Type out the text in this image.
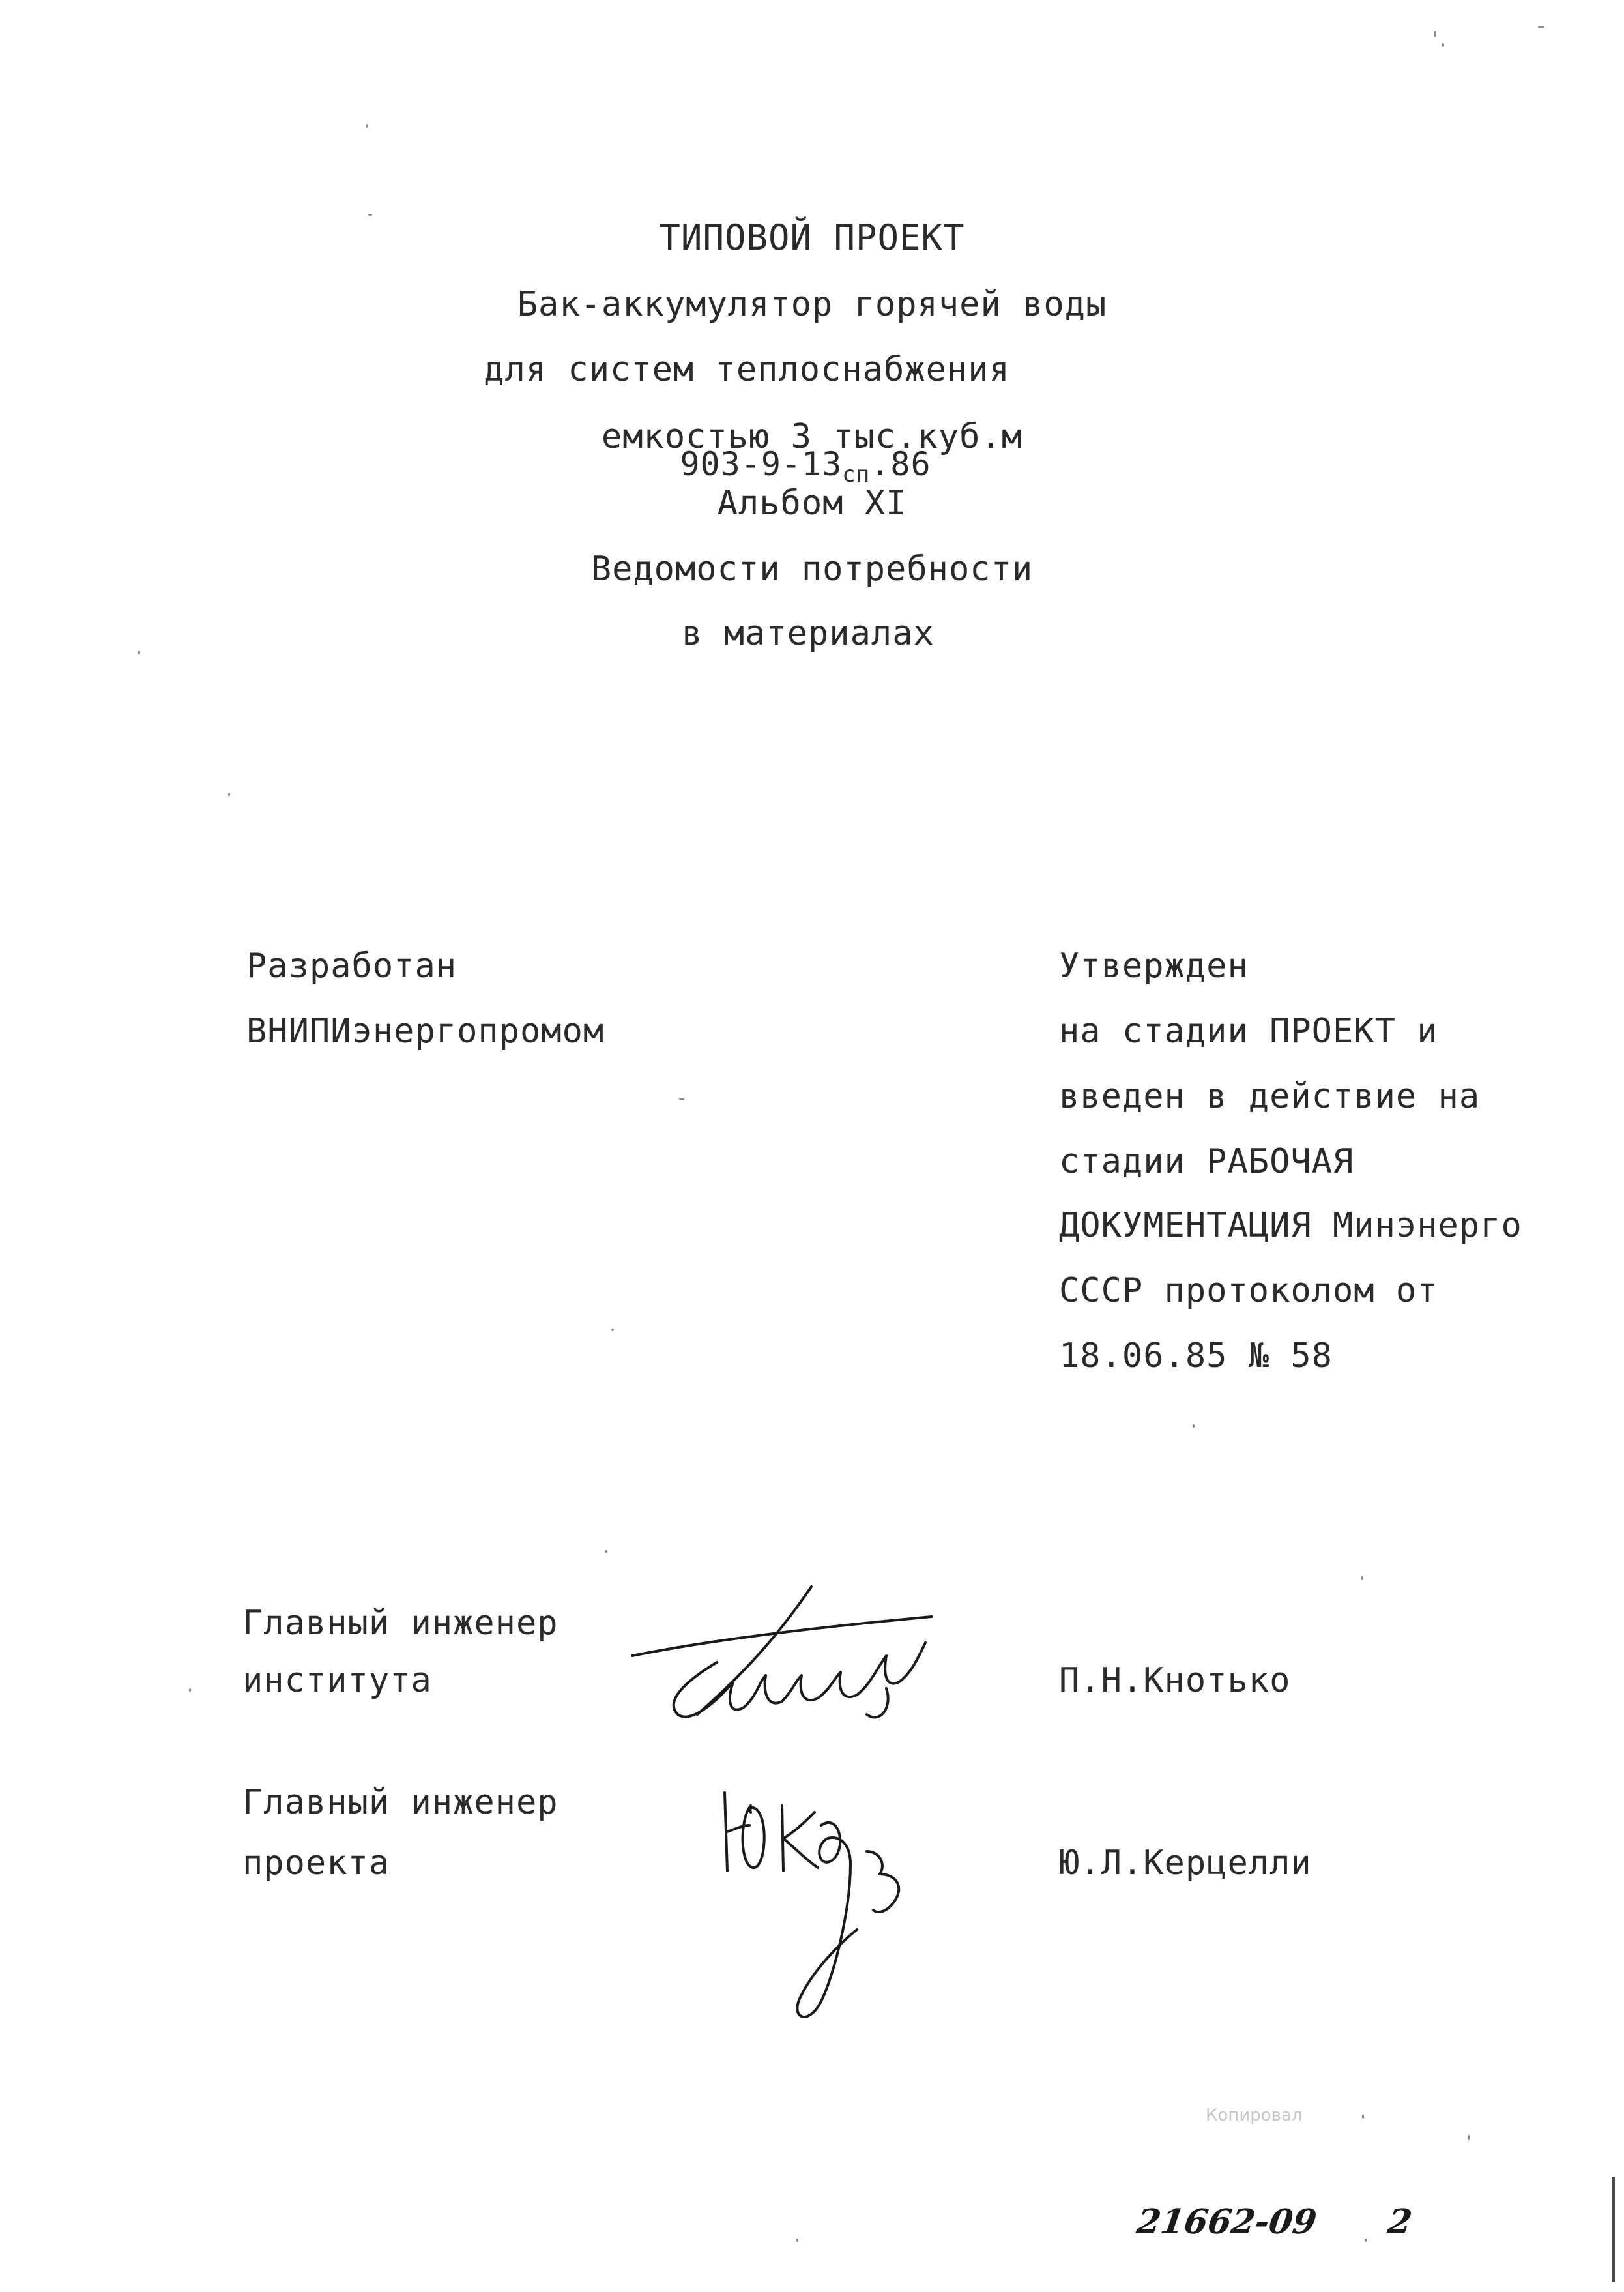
ТИПОВОЙ ПРОЕКТ
Бак-аккумулятор горячей воды
для систем теплоснабжения
емкостью 3 тыс.куб.м
$903-9-13_{сп}.86$
Альбом XI
Ведомости потребности
в материалах
Разработан
ВНИПИэнергопромом
Утвержден
на стадии ПРОЕКТ и
введен в действие на
стадии РАБОЧАЯ
ДОКУМЕНТАЦИЯ Минэнерго
СССР протоколом от
18.06.85 № 58
Главный инженер
института	П.Н.Кнотько
Главный инженер
проекта	Ю.Л.Керцелли
21662-09 2
Копировал
